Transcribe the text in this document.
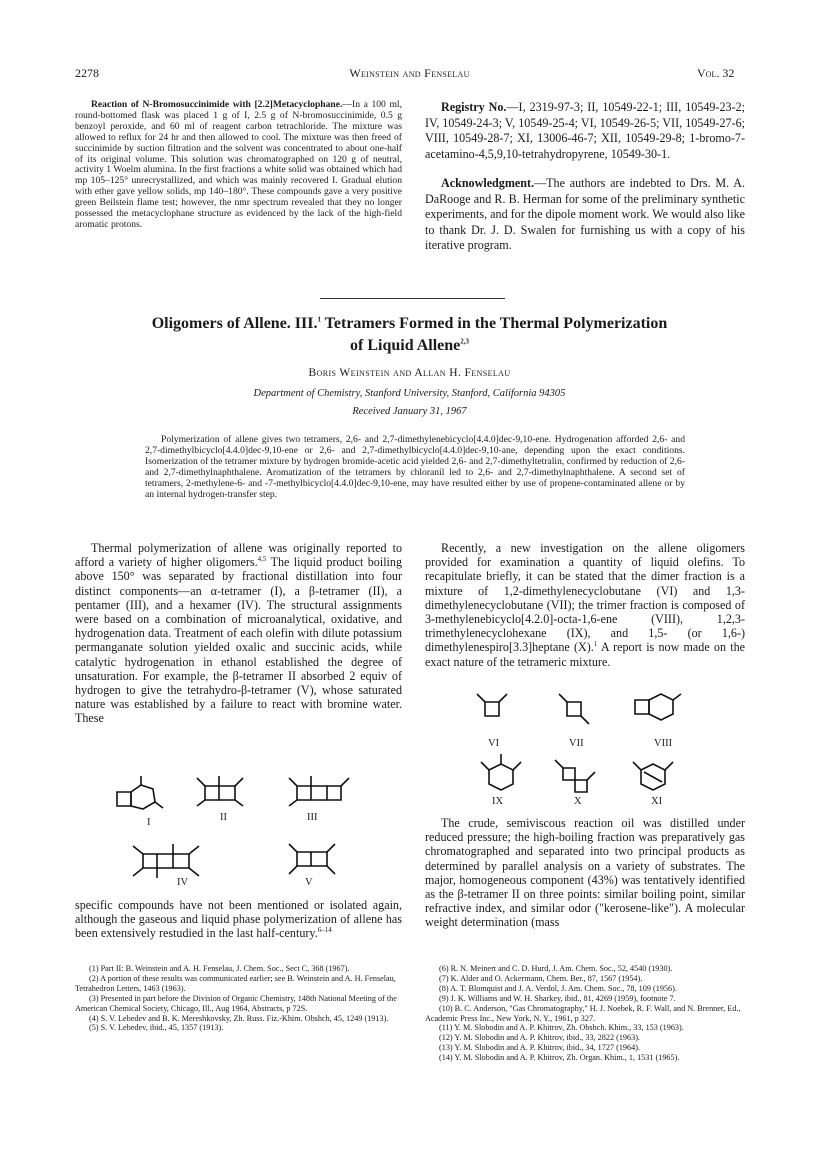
2278	Weinstein and Fenselau	Vol. 32

Reaction of N-Bromosuccinimide with [2.2]Metacyclophane.—In a 100 ml, round-bottomed flask was placed 1 g of I, 2.5 g of N-bromosuccinimide, 0.5 g benzoyl peroxide, and 60 ml of reagent carbon tetrachloride. The mixture was allowed to reflux for 24 hr and then allowed to cool. The mixture was then freed of succinimide by suction filtration and the solvent was concentrated to about one-half of its original volume. This solution was chromatographed on 120 g of neutral, activity 1 Woelm alumina. In the first fractions a white solid was obtained which had mp 105–125° unrecrystallized, and which was mainly recovered I. Gradual elution with ether gave yellow solids, mp 140–180°. These compounds gave a very positive green Beilstein flame test; however, the nmr spectrum revealed that they no longer possessed the metacyclophane structure as evidenced by the lack of the high-field aromatic protons.

Registry No.—I, 2319-97-3; II, 10549-22-1; III, 10549-23-2; IV, 10549-24-3; V, 10549-25-4; VI, 10549-26-5; VII, 10549-27-6; VIII, 10549-28-7; XI, 13006-46-7; XII, 10549-29-8; 1-bromo-7-acetamino-4,5,9,10-tetrahydropyrene, 10549-30-1.

Acknowledgment.—The authors are indebted to Drs. M. A. DaRooge and R. B. Herman for some of the preliminary synthetic experiments, and for the dipole moment work. We would also like to thank Dr. J. D. Swalen for furnishing us with a copy of his iterative program.

Oligomers of Allene. III.$^1$ Tetramers Formed in the Thermal Polymerization
of Liquid Allene$^{2,3}$
Boris Weinstein and Allan H. Fenselau
Department of Chemistry, Stanford University, Stanford, California 94305
Received January 31, 1967
Polymerization of allene gives two tetramers, 2,6- and 2,7-dimethylenebicyclo[4.4.0]dec-9,10-ene. Hydrogenation afforded 2,6- and 2,7-dimethylbicyclo[4.4.0]dec-9,10-ene or 2,6- and 2,7-dimethylbicyclo[4.4.0]dec-9,10-ane, depending upon the exact conditions. Isomerization of the tetramer mixture by hydrogen bromide-acetic acid yielded 2,6- and 2,7-dimethyltetralin, confirmed by reduction of 2,6- and 2,7-dimethylnaphthalene. Aromatization of the tetramers by chloranil led to 2,6- and 2,7-dimethylnaphthalene. A second set of tetramers, 2-methylene-6- and -7-methylbicyclo[4.4.0]dec-9,10-ene, may have resulted either by use of propene-contaminated allene or by an internal hydrogen-transfer step.

Thermal polymerization of allene was originally reported to afford a variety of higher oligomers.$^{4,5}$ The liquid product boiling above 150° was separated by fractional distillation into four distinct components—an α-tetramer (I), a β-tetramer (II), a pentamer (III), and a hexamer (IV). The structural assignments were based on a combination of microanalytical, oxidative, and hydrogenation data. Treatment of each olefin with dilute potassium permanganate solution yielded oxalic and succinic acids, while catalytic hydrogenation in ethanol established the degree of unsaturation. For example, the β-tetramer II absorbed 2 equiv of hydrogen to give the tetrahydro-β-tetramer (V), whose saturated nature was established by a failure to react with bromine water. These

I	II	III
IV	V

specific compounds have not been mentioned or isolated again, although the gaseous and liquid phase polymerization of allene has been extensively restudied in the last half-century.$^{6-14}$

Recently, a new investigation on the allene oligomers provided for examination a quantity of liquid olefins. To recapitulate briefly, it can be stated that the dimer fraction is a mixture of 1,2-dimethylenecyclobutane (VI) and 1,3-dimethylenecyclobutane (VII); the trimer fraction is composed of 3-methylenebicyclo[4.2.0]-octa-1,6-ene (VIII), 1,2,3-trimethylenecyclohexane (IX), and 1,5- (or 1,6-) dimethylenespiro[3.3]heptane (X).$^1$ A report is now made on the exact nature of the tetrameric mixture.

VI	VII	VIII
IX	X	XI

The crude, semiviscous reaction oil was distilled under reduced pressure; the high-boiling fraction was preparatively gas chromatographed and separated into two principal products as determined by parallel analysis on a variety of substrates. The major, homogeneous component (43%) was tentatively identified as the β-tetramer II on three points: similar boiling point, similar refractive index, and similar odor ("kerosene-like"). A molecular weight determination (mass

(1) Part II: B. Weinstein and A. H. Fenselau, J. Chem. Soc., Sect C, 368 (1967).

(2) A portion of these results was communicated earlier; see B. Weinstein and A. H. Fenselau, Tetrahedron Letters, 1463 (1963).

(3) Presented in part before the Division of Organic Chemistry, 148th National Meeting of the American Chemical Society, Chicago, Ill., Aug 1964, Abstracts, p 72S.

(4) S. V. Lebedev and B. K. Mereshkovsky, Zh. Russ. Fiz.-Khim. Obshch, 45, 1249 (1913).

(5) S. V. Lebedev, ibid., 45, 1357 (1913).

(6) R. N. Meinert and C. D. Hurd, J. Am. Chem. Soc., 52, 4540 (1930).

(7) K. Alder and O. Ackermann, Chem. Ber., 87, 1567 (1954).

(8) A. T. Blomquist and J. A. Verdol, J. Am. Chem. Soc., 78, 109 (1956).

(9) J. K. Williams and W. H. Sharkey, ibid., 81, 4269 (1959), footnote 7.

(10) B. C. Anderson, "Gas Chromatography," H. J. Noebek, R. F. Wall, and N. Brenner, Ed., Academic Press Inc., New York, N. Y., 1961, p 327.

(11) Y. M. Slobodin and A. P. Khitrov, Zh. Obshch. Khim., 33, 153 (1963).

(12) Y. M. Slobodin and A. P. Khitrov, ibid., 33, 2822 (1963).

(13) Y. M. Slobodin and A. P. Khitrov, ibid., 34, 1727 (1964).

(14) Y. M. Slobodin and A. P. Khitrov, Zh. Organ. Khim., 1, 1531 (1965).
